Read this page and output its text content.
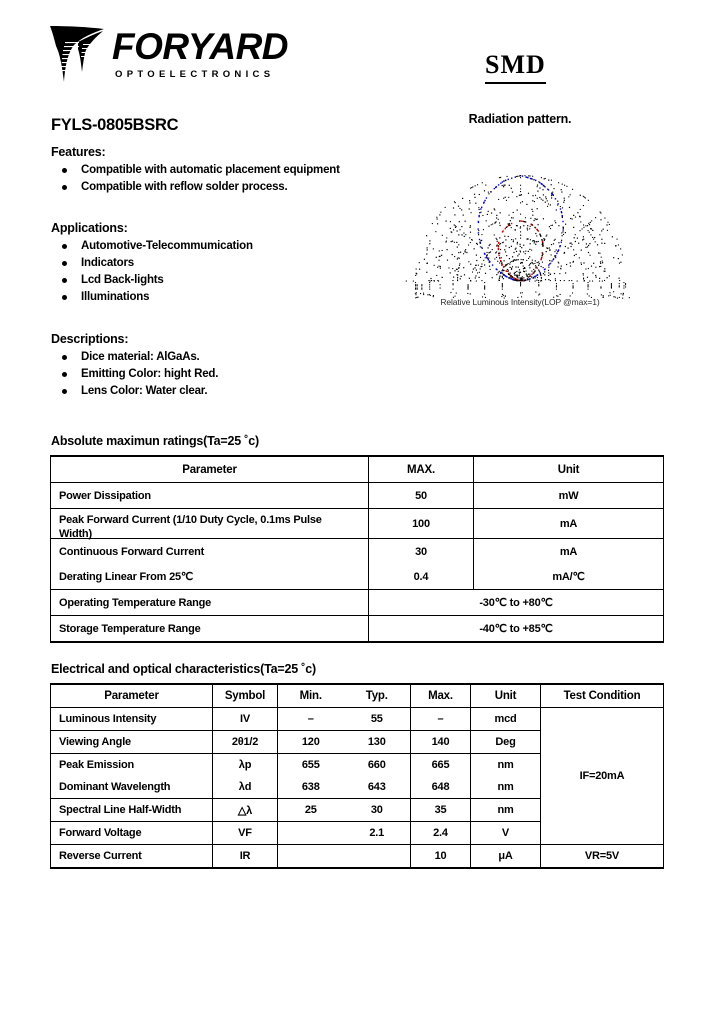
FORYARD
OPTOELECTRONICS	SMD
FYLS-0805BSRC
Features:
Compatible with automatic placement equipment
Compatible with reflow solder process.
Applications:
Automotive-Telecommumication
Indicators
Lcd Back-lights
Illuminations
Descriptions:
Dice material: AlGaAs.
Emitting Color: hight Red.
Lens Color: Water clear.
Radiation pattern.
Relative Luminous Intensity(LOP @max=1)
Absolute maximun ratings(Ta=25 ˚c)
Parameter	MAX.	Unit
Power Dissipation	50	mW

Peak Forward Current (1/10 Duty Cycle, 0.1ms Pulse
Width)	100	mA
Continuous Forward Current	30	mA
Derating Linear From 25℃	0.4	mA/℃
Operating Temperature Range	-30℃ to +80℃	
Storage Temperature Range	-40℃ to +85℃	
Electrical and optical characteristics(Ta=25 ˚c)
Parameter	Symbol	Min.	Typ.	Max.	Unit	Test Condition
Luminous Intensity	IV	–	55	–	mcd	IF=20mA
Viewing Angle	2θ1/2	120	130	140	Deg	
Peak Emission	λp	655	660	665	nm	
Dominant Wavelength	λd	638	643	648	nm	
Spectral Line Half-Width	△λ	25	30	35	nm	
Forward Voltage	VF		2.1	2.4	V	
Reverse Current	IR			10	μA	VR=5V
